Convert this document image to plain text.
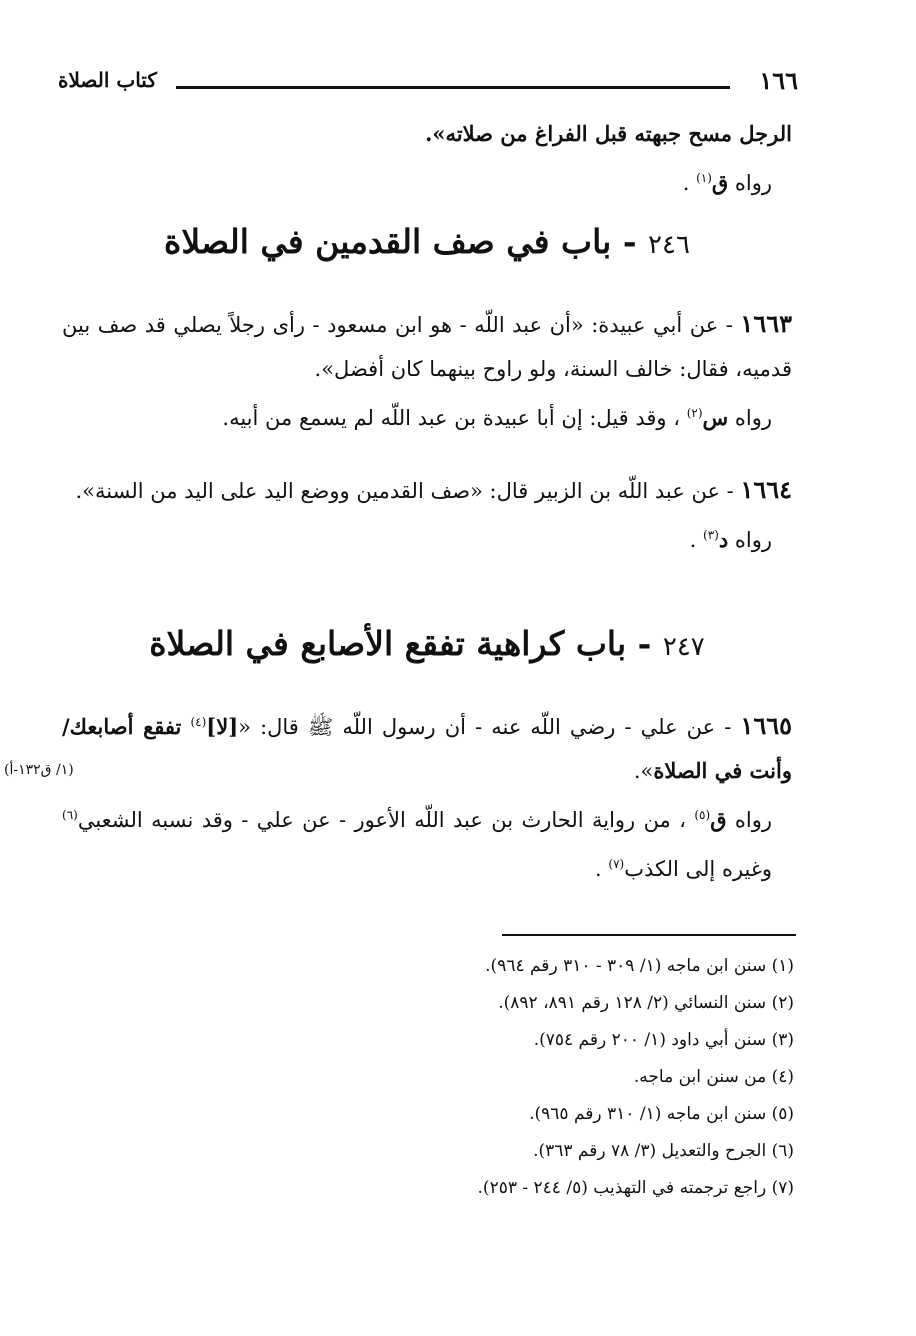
١٦٦
كتاب الصلاة

الرجل مسح جبهته قبل الفراغ من صلاته».

رواه ق$^{(١)}$ .

٢٤٦ - باب في صف القدمين في الصلاة

١٦٦٣ - عن أبي عبيدة: «أن عبد اللّه - هو ابن مسعود - رأى رجلاً يصلي قد صف بين قدميه، فقال: خالف السنة، ولو راوح بينهما كان أفضل».

رواه س$^{(٢)}$ ، وقد قيل: إن أبا عبيدة بن عبد اللّه لم يسمع من أبيه.

١٦٦٤ - عن عبد اللّه بن الزبير قال: «صف القدمين ووضع اليد على اليد من السنة».

رواه د$^{(٣)}$ .

٢٤٧ - باب كراهية تفقع الأصابع في الصلاة

١٦٦٥ - عن علي - رضي اللّه عنه - أن رسول اللّه ﷺ قال: «[لا]$^{(٤)}$ تفقع أصابعك/ وأنت في الصلاة».

رواه ق$^{(٥)}$ ، من رواية الحارث بن عبد اللّه الأعور - عن علي - وقد نسبه الشعبي$^{(٦)}$ وغيره إلى الكذب$^{(٧)}$ .

(١/ ق١٣٢-أ)
(١) سنن ابن ماجه (١/ ٣٠٩ - ٣١٠ رقم ٩٦٤).
(٢) سنن النسائي (٢/ ١٢٨ رقم ٨٩١، ٨٩٢).
(٣) سنن أبي داود (١/ ٢٠٠ رقم ٧٥٤).
(٤) من سنن ابن ماجه.
(٥) سنن ابن ماجه (١/ ٣١٠ رقم ٩٦٥).
(٦) الجرح والتعديل (٣/ ٧٨ رقم ٣٦٣).
(٧) راجع ترجمته في التهذيب (٥/ ٢٤٤ - ٢٥٣).
